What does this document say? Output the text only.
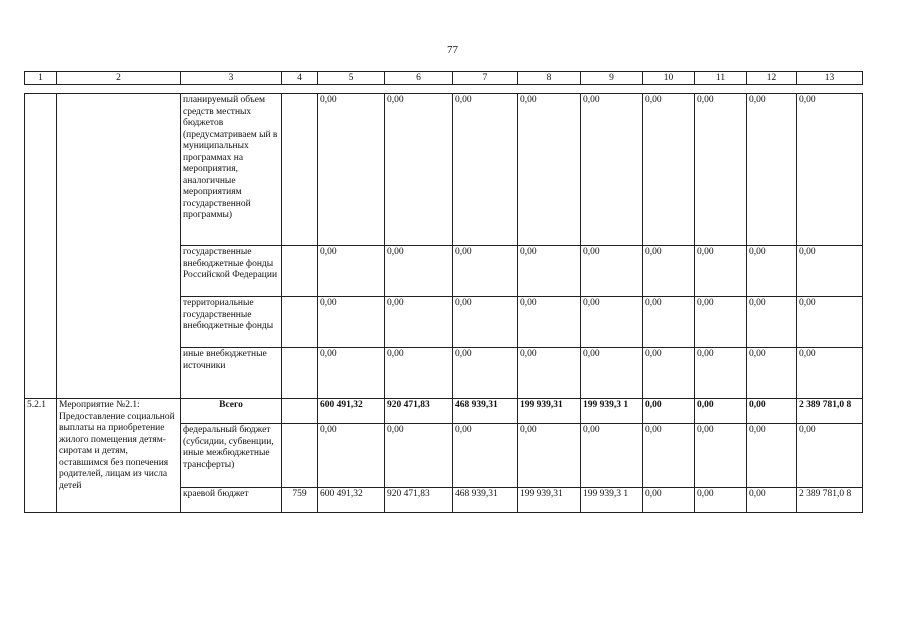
77
1	2	3	4	5	6	7	8	9	10	11	12	13
		планируемый объем средств местных бюджетов (предусматриваем ый в муниципальных программах на мероприятия, аналогичные мероприятиям государственной программы)		0,00	0,00	0,00	0,00	0,00	0,00	0,00	0,00	0,00
		государственные внебюджетные фонды Российской Федерации		0,00	0,00	0,00	0,00	0,00	0,00	0,00	0,00	0,00
		территориальные государственные внебюджетные фонды		0,00	0,00	0,00	0,00	0,00	0,00	0,00	0,00	0,00
		иные внебюджетные источники		0,00	0,00	0,00	0,00	0,00	0,00	0,00	0,00	0,00
5.2.1	Мероприятие №2.1: Предоставление социальной выплаты на приобретение жилого помещения детям-сиротам и детям, оставшимся без попечения родителей, лицам из числа детей	Всего		600 491,32	920 471,83	468 939,31	199 939,31	199 939,3 1	0,00	0,00	0,00	2 389 781,0 8
		федеральный бюджет (субсидии, субвенции, иные межбюджетные трансферты)		0,00	0,00	0,00	0,00	0,00	0,00	0,00	0,00	0,00
		краевой бюджет	759	600 491,32	920 471,83	468 939,31	199 939,31	199 939,3 1	0,00	0,00	0,00	2 389 781,0 8
